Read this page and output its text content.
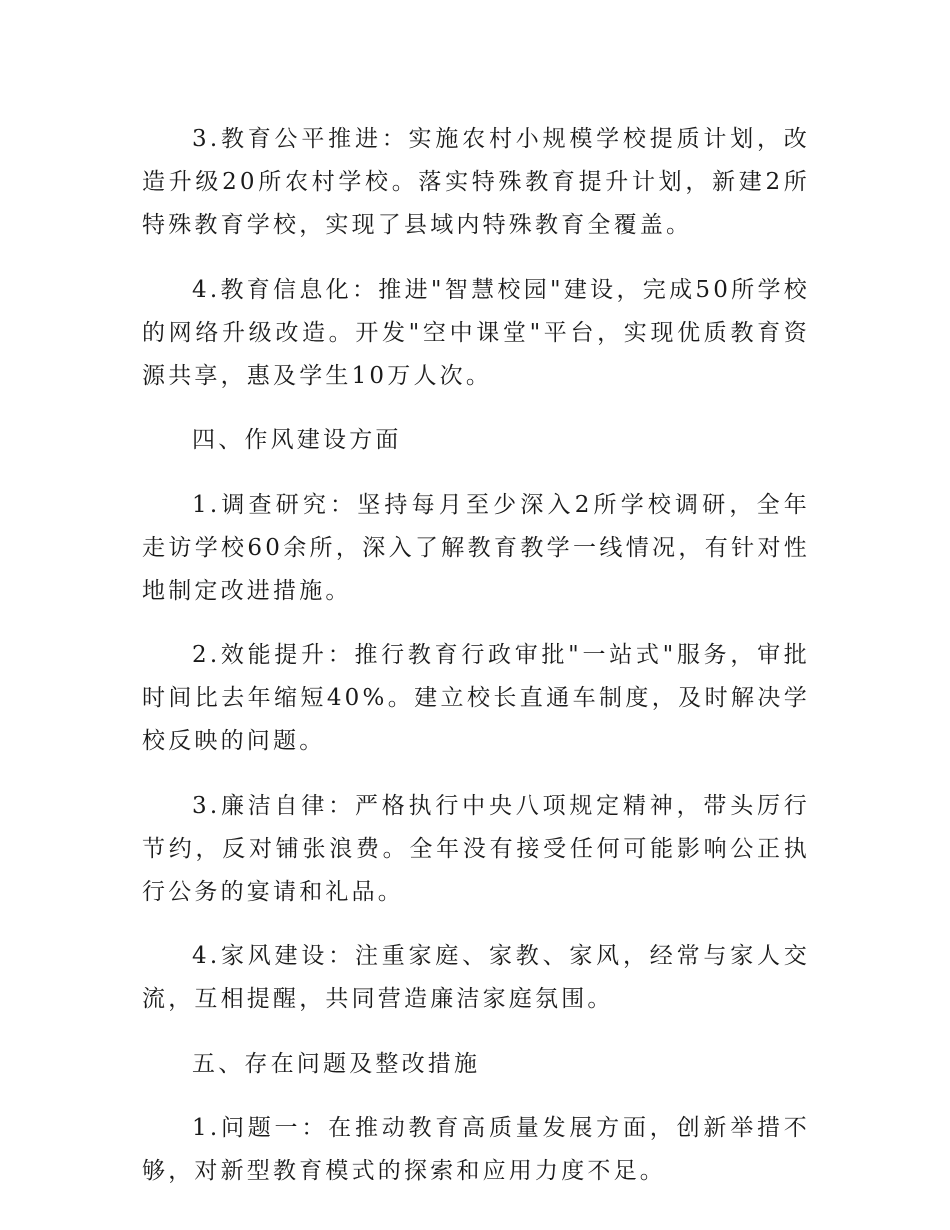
3.教育公平推进：实施农村小规模学校提质计划，改造升级20所农村学校。落实特殊教育提升计划，新建2所特殊教育学校，实现了县域内特殊教育全覆盖。

4.教育信息化：推进"智慧校园"建设，完成50所学校的网络升级改造。开发"空中课堂"平台，实现优质教育资源共享，惠及学生10万人次。

四、作风建设方面

1.调查研究：坚持每月至少深入2所学校调研，全年走访学校60余所，深入了解教育教学一线情况，有针对性地制定改进措施。

2.效能提升：推行教育行政审批"一站式"服务，审批时间比去年缩短40%。建立校长直通车制度，及时解决学校反映的问题。

3.廉洁自律：严格执行中央八项规定精神，带头厉行节约，反对铺张浪费。全年没有接受任何可能影响公正执行公务的宴请和礼品。

4.家风建设：注重家庭、家教、家风，经常与家人交流，互相提醒，共同营造廉洁家庭氛围。

五、存在问题及整改措施

1.问题一：在推动教育高质量发展方面，创新举措不够，对新型教育模式的探索和应用力度不足。
